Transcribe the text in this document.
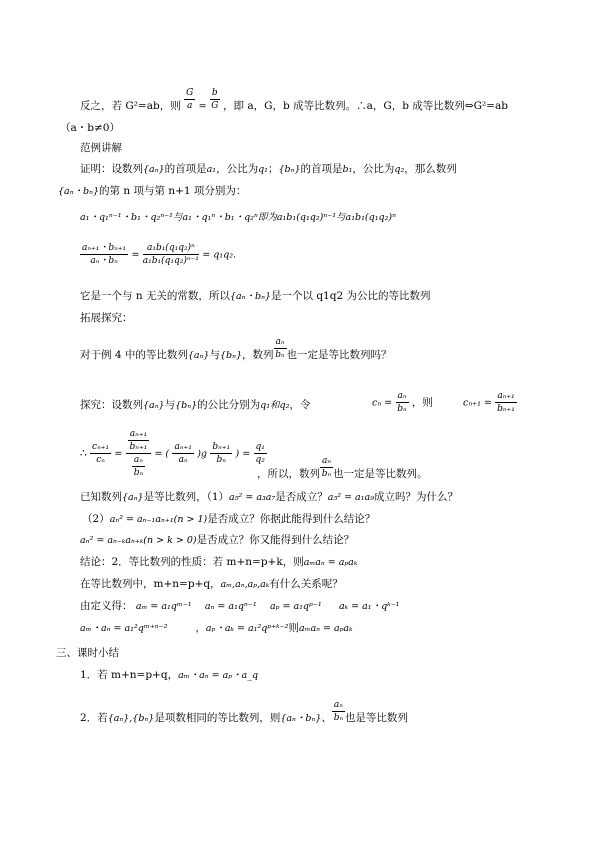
反之，若 G²=ab，则 $\frac{G}{a} = \frac{b}{G}$ ，即 a，G，b 成等比数列。∴a，G，b 成等比数列⇔G²=ab
（a・b≠0）
范例讲解
证明：设数列{aₙ}的首项是a₁，公比为q₁；{bₙ}的首项是b₁，公比为q₂，那么数列
{aₙ・bₙ}的第 n 项与第 n+1 项分别为：
a₁・q₁ⁿ⁻¹・b₁・q₂ⁿ⁻¹与a₁・q₁ⁿ・b₁・q₂ⁿ即为a₁b₁(q₁q₂)ⁿ⁻¹与a₁b₁(q₁q₂)ⁿ
$\frac{\text{aₙ₊₁・bₙ₊₁}}{\text{aₙ・bₙ}} = \frac{\text{a₁b₁(q₁q₂)ⁿ}}{\text{a₁b₁(q₁q₂)ⁿ⁻¹}} = q_1q_2$.
它是一个与 n 无关的常数，所以{aₙ・bₙ}是一个以 q1q2 为公比的等比数列
拓展探究：
对于例 4 中的等比数列{aₙ}与{bₙ}，数列 $\frac{\text{aₙ}}{\text{bₙ}}$ 也一定是等比数列吗？
探究：设数列{aₙ}与{bₙ}的公比分别为q₁和q₂，令	$c_n = \frac{\text{aₙ}}{\text{bₙ}}$ ，则	$c_{n+1} = \frac{\text{aₙ₊₁}}{\text{bₙ₊₁}}$
∴ $\frac{\text{cₙ₊₁}}{\text{cₙ}} = \frac{\frac{\text{aₙ₊₁}}{\text{bₙ₊₁}}}{\frac{\text{aₙ}}{\text{bₙ}}}$ = ( $\frac{\text{aₙ₊₁}}{\text{aₙ}} )g \frac{\text{bₙ₊₁}}{\text{bₙ}}$ ) = $\frac{\text{q₁}}{\text{q₂}}$
，所以，数列 $\frac{\text{aₙ}}{\text{bₙ}}$ 也一定是等比数列。
已知数列{aₙ}是等比数列，（1）a₅² = a₃a₇是否成立？a₅² = a₁a₉成立吗？为什么？
（2）aₙ² = aₙ₋₁aₙ₊₁(n > 1)是否成立？你据此能得到什么结论？
aₙ² = aₙ₋ₖaₙ₊ₖ(n > k > 0)是否成立？你又能得到什么结论？
结论：2．等比数列的性质：若 m+n=p+k，则aₘaₙ = aₚaₖ
在等比数列中，m+n=p+q，aₘ,aₙ,aₚ,aₖ有什么关系呢？
由定义得： aₘ = a₁qᵐ⁻¹ aₙ = a₁qⁿ⁻¹ aₚ = a₁qᵖ⁻¹ aₖ = a₁・qᵏ⁻¹
aₘ・aₙ = a₁²qᵐ⁺ⁿ⁻²	，aₚ・aₖ = a₁²qᵖ⁺ᵏ⁻²则aₘaₙ = aₚaₖ
三、课时小结
1．若 m+n=p+q，aₘ・aₙ = aₚ・a_q
2．若{aₙ},{bₙ}是项数相同的等比数列，则{aₙ・bₙ}、 $\frac{\text{aₙ}}{\text{bₙ}}$ 也是等比数列
